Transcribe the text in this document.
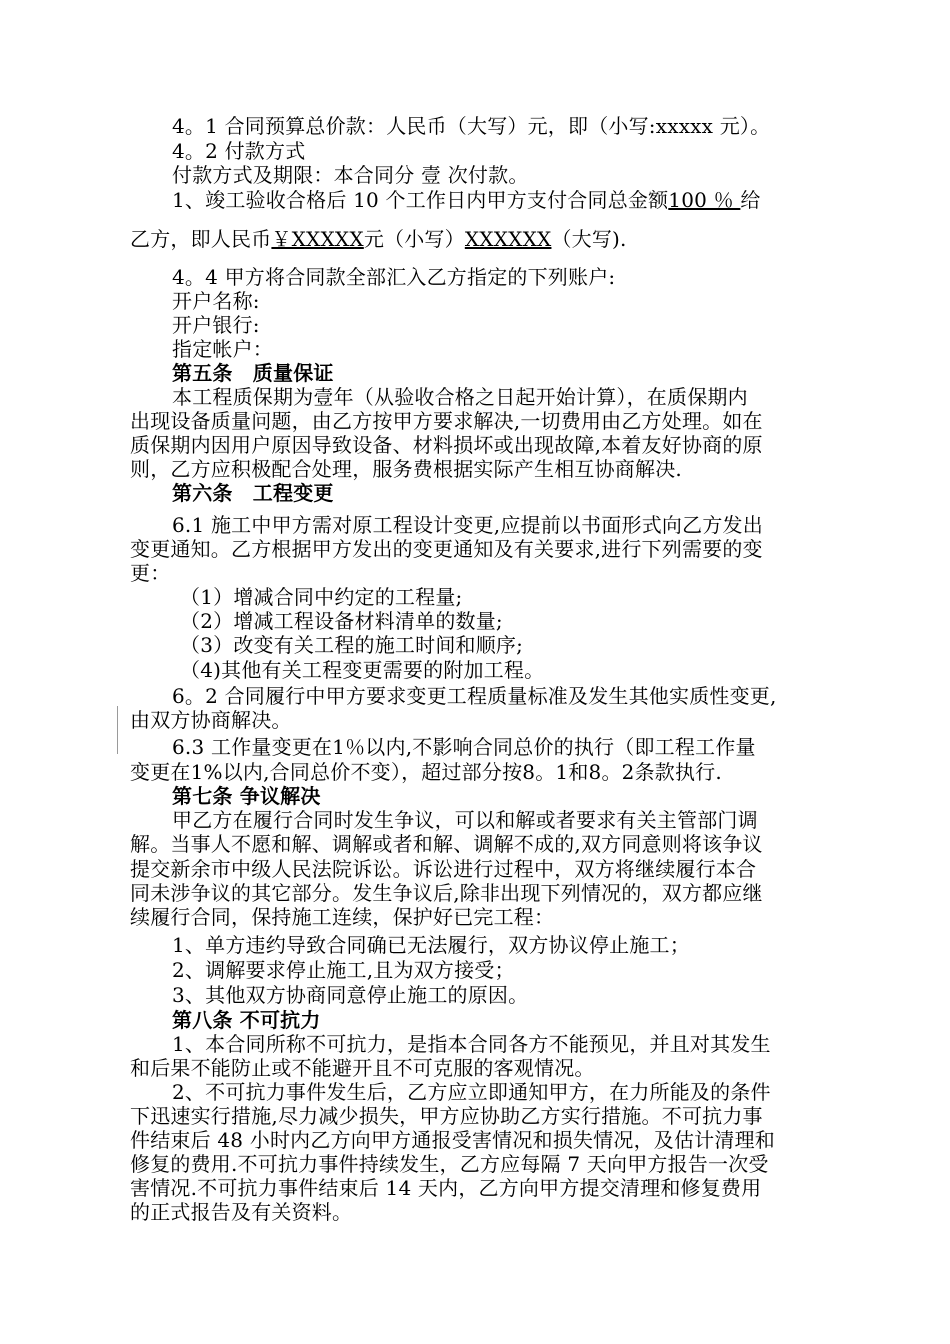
4。1 合同预算总价款：人民币（大写）元，即（小写:xxxxx 元）。
4。2 付款方式
付款方式及期限：本合同分 壹 次付款。
1、竣工验收合格后 10 个工作日内甲方支付合同总金额100 ％ 给
乙方，即人民币￥XXXXX元（小写）XXXXXX（大写).
4。4 甲方将合同款全部汇入乙方指定的下列账户:
开户名称:
开户银行:
指定帐户：
第五条　质量保证
本工程质保期为壹年（从验收合格之日起开始计算），在质保期内
出现设备质量问题，由乙方按甲方要求解决,一切费用由乙方处理。如在
质保期内因用户原因导致设备、材料损坏或出现故障,本着友好协商的原
则，乙方应积极配合处理，服务费根据实际产生相互协商解决.
第六条　工程变更
6.1 施工中甲方需对原工程设计变更,应提前以书面形式向乙方发出
变更通知。乙方根据甲方发出的变更通知及有关要求,进行下列需要的变
更：
（1）增减合同中约定的工程量;
（2）增减工程设备材料清单的数量;
（3）改变有关工程的施工时间和顺序;
（4)其他有关工程变更需要的附加工程。
6。2 合同履行中甲方要求变更工程质量标准及发生其他实质性变更,
由双方协商解决。
6.3 工作量变更在1％以内,不影响合同总价的执行（即工程工作量
变更在1%以内,合同总价不变），超过部分按8。1和8。2条款执行.
第七条 争议解决
甲乙方在履行合同时发生争议，可以和解或者要求有关主管部门调
解。当事人不愿和解、调解或者和解、调解不成的,双方同意则将该争议
提交新余市中级人民法院诉讼。诉讼进行过程中，双方将继续履行本合
同未涉争议的其它部分。发生争议后,除非出现下列情况的，双方都应继
续履行合同，保持施工连续，保护好已完工程：
1、单方违约导致合同确已无法履行，双方协议停止施工；
2、调解要求停止施工,且为双方接受；
3、其他双方协商同意停止施工的原因。
第八条 不可抗力
1、本合同所称不可抗力，是指本合同各方不能预见，并且对其发生
和后果不能防止或不能避开且不可克服的客观情况。
2、不可抗力事件发生后，乙方应立即通知甲方，在力所能及的条件
下迅速实行措施,尽力减少损失，甲方应协助乙方实行措施。不可抗力事
件结束后 48 小时内乙方向甲方通报受害情况和损失情况，及估计清理和
修复的费用.不可抗力事件持续发生，乙方应每隔 7 天向甲方报告一次受
害情况.不可抗力事件结束后 14 天内，乙方向甲方提交清理和修复费用
的正式报告及有关资料。
